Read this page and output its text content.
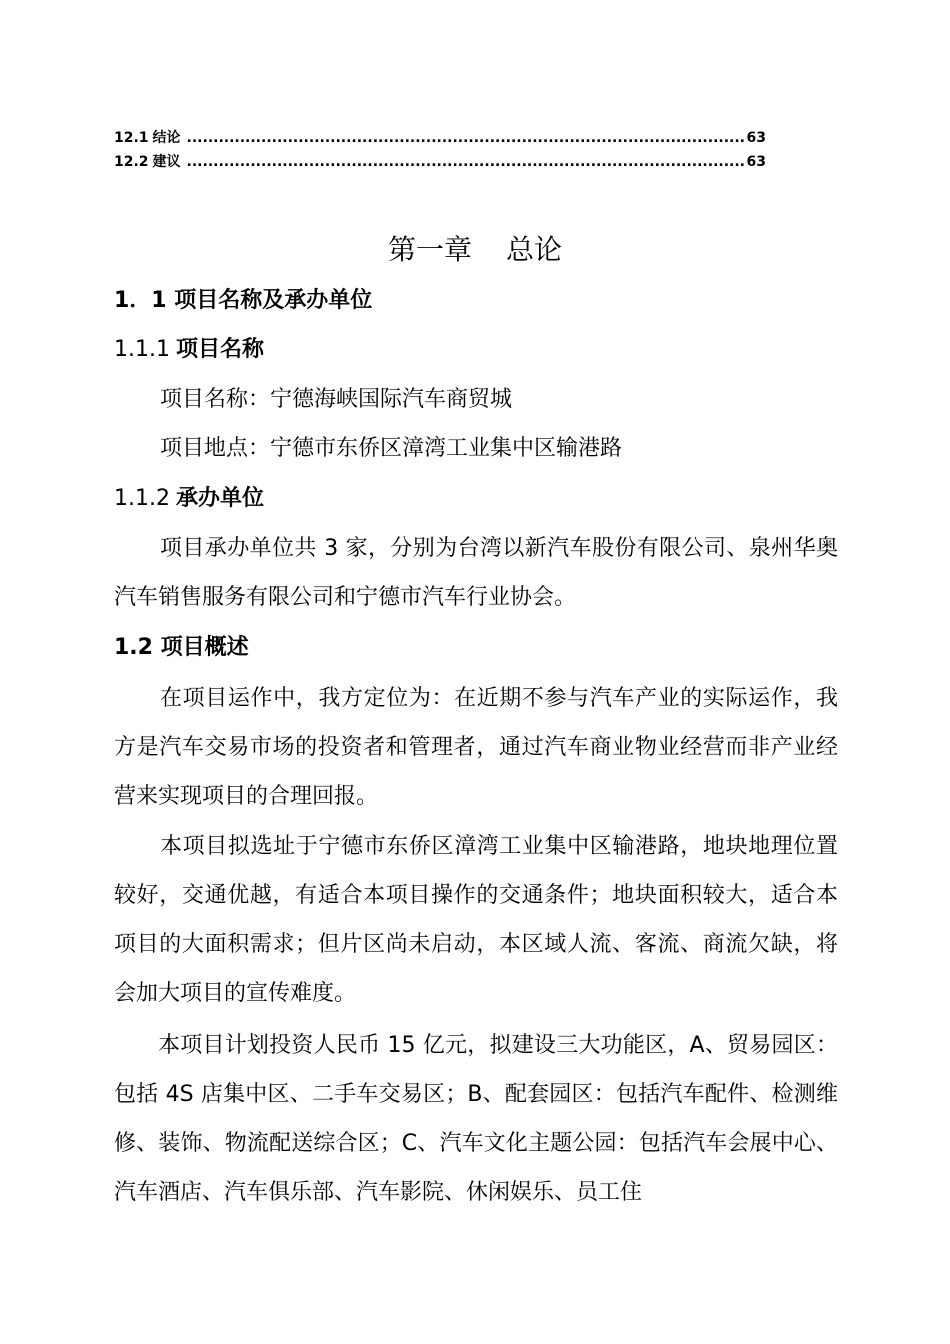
12.1 结论 .....	63
12.2 建议 .....	63
第一章 总论
1．1 项目名称及承办单位
1.1.1 项目名称
项目名称：宁德海峡国际汽车商贸城
项目地点：宁德市东侨区漳湾工业集中区输港路
1.1.2 承办单位

项目承办单位共 3 家，分别为台湾以新汽车股份有限公司、泉州华奥汽车销售服务有限公司和宁德市汽车行业协会。

1.2 项目概述

在项目运作中，我方定位为：在近期不参与汽车产业的实际运作，我方是汽车交易市场的投资者和管理者，通过汽车商业物业经营而非产业经营来实现项目的合理回报。

本项目拟选址于宁德市东侨区漳湾工业集中区输港路，地块地理位置较好，交通优越，有适合本项目操作的交通条件；地块面积较大，适合本项目的大面积需求；但片区尚未启动，本区域人流、客流、商流欠缺，将会加大项目的宣传难度。

本项目计划投资人民币 15 亿元，拟建设三大功能区，A、贸易园区：包括 4S 店集中区、二手车交易区；B、配套园区：包括汽车配件、检测维修、装饰、物流配送综合区；C、汽车文化主题公园：包括汽车会展中心、汽车酒店、汽车俱乐部、汽车影院、休闲娱乐、员工住
